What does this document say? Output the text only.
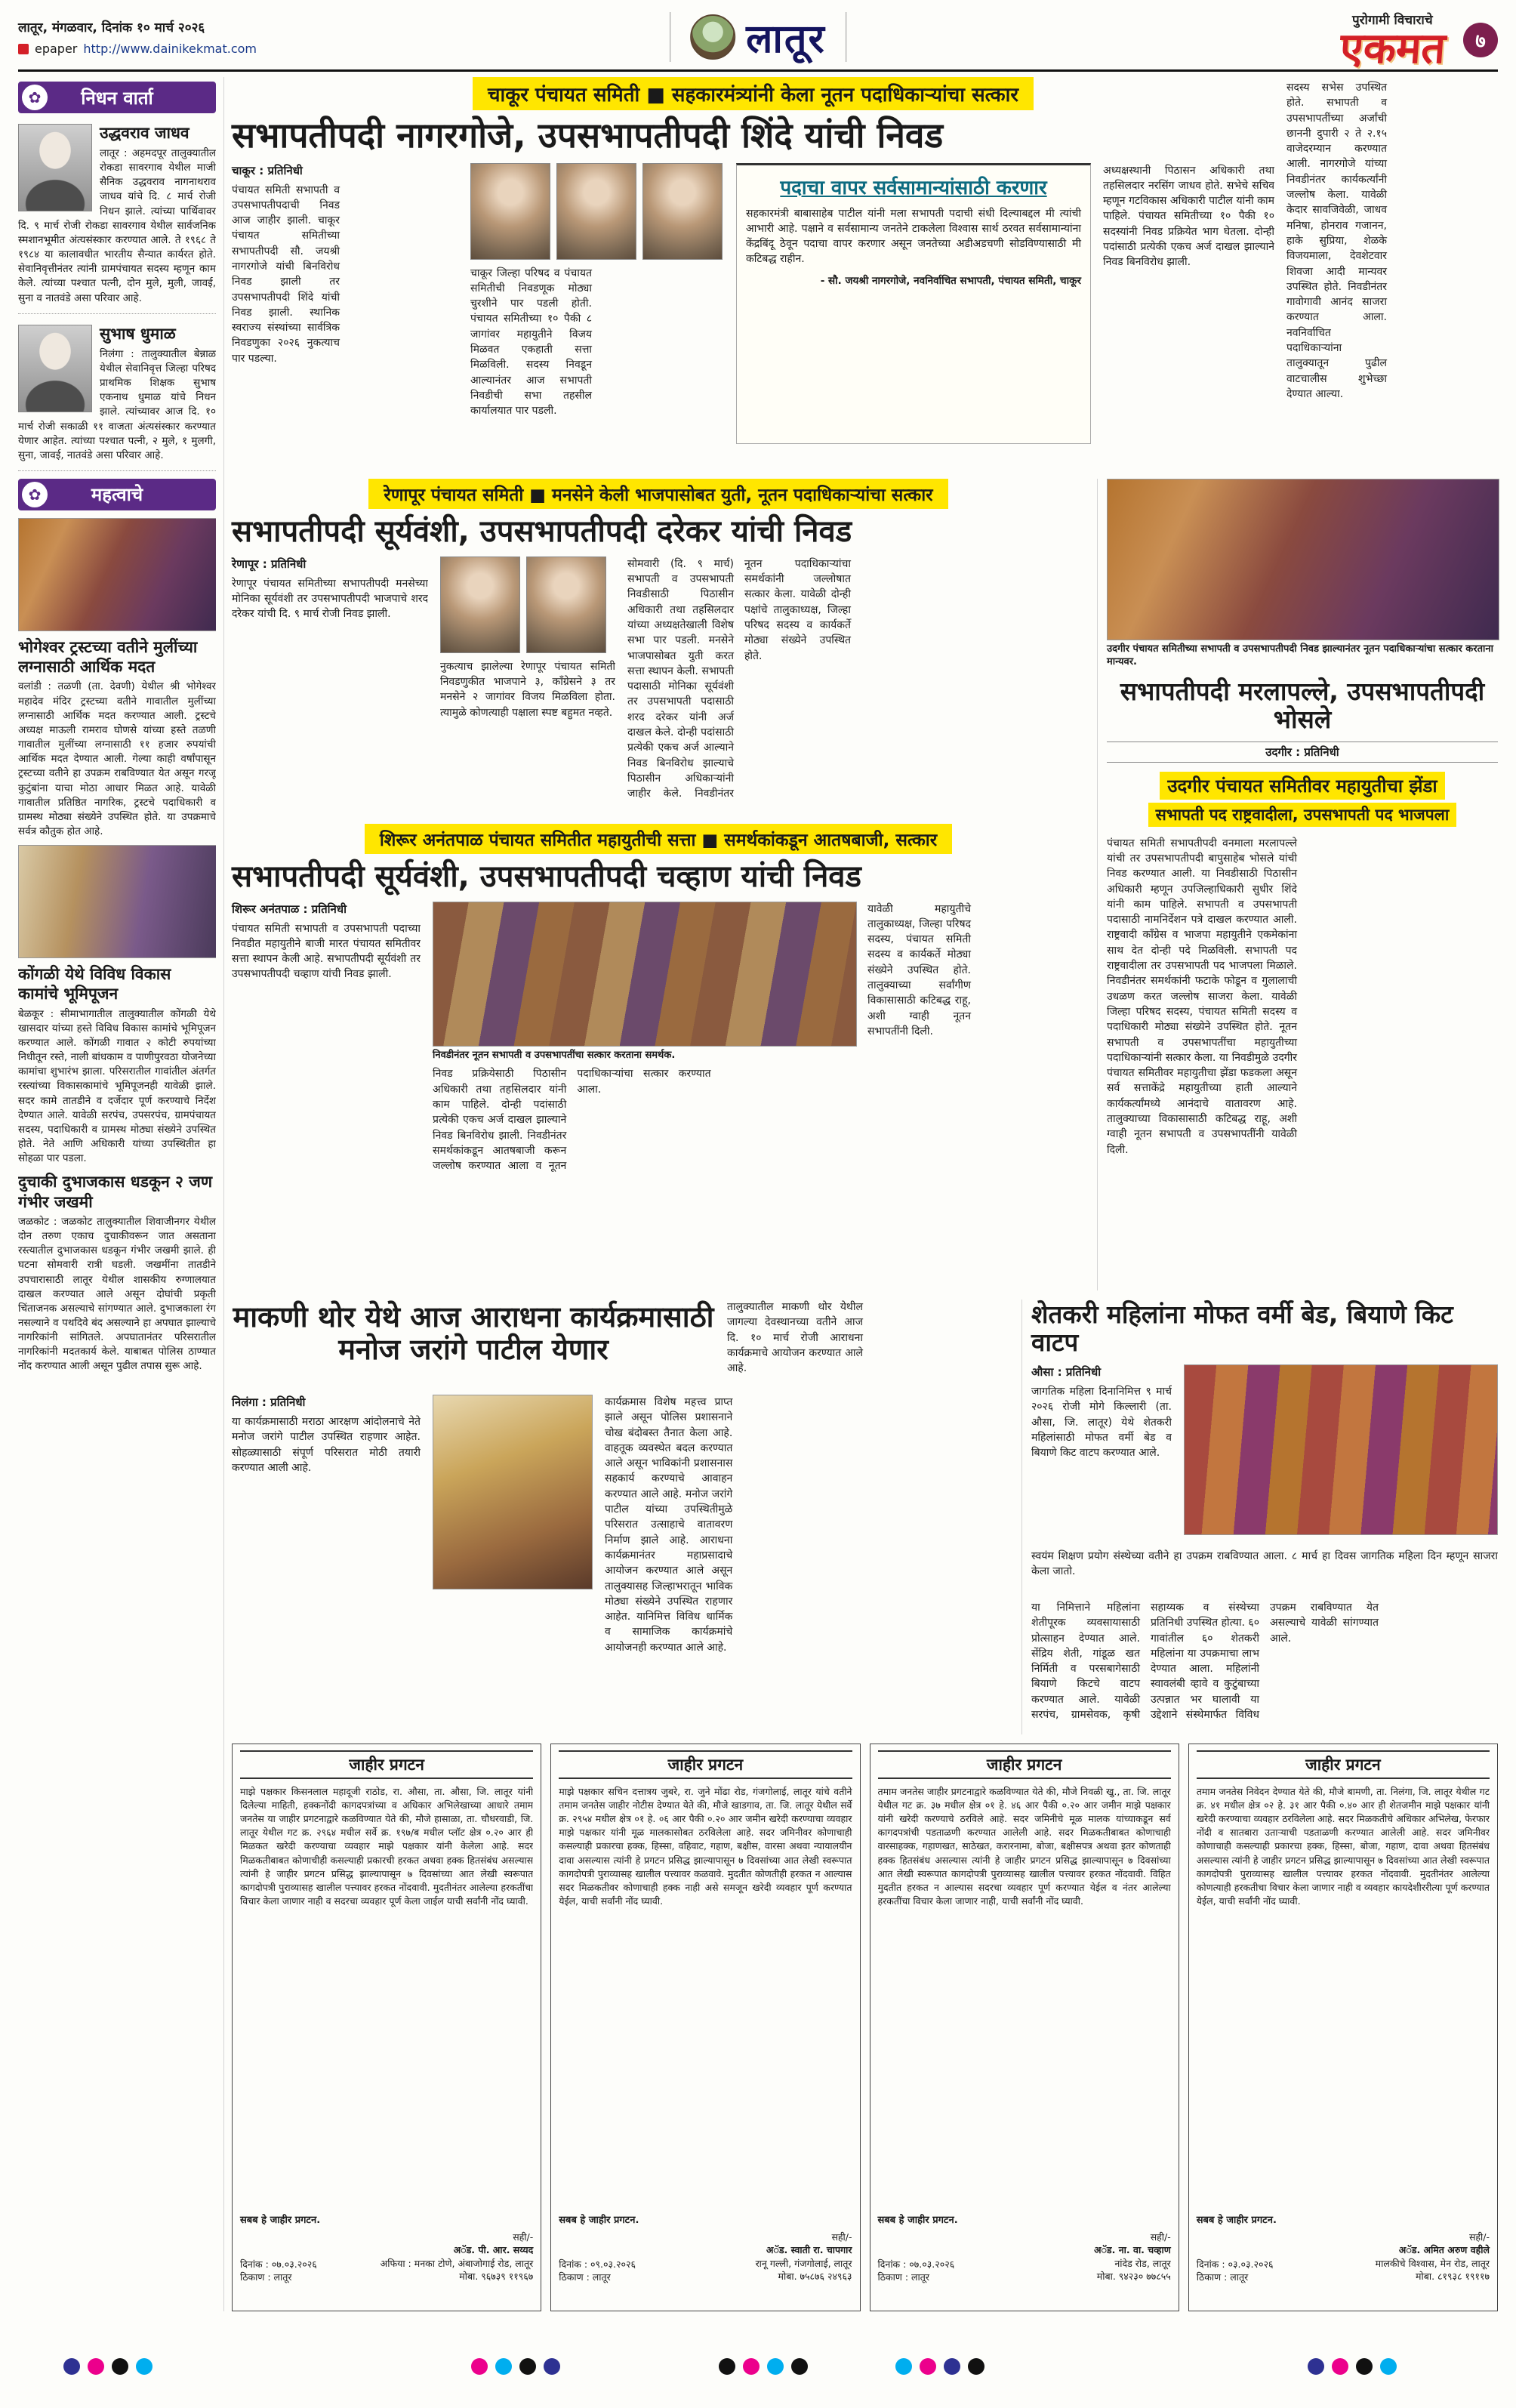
लातूर, मंगळवार, दिनांक १० मार्च २०२६
epaper http://www.dainikekmat.com	लातूर	पुरोगामी विचाराचे
एकमत	७
✿	निधन वार्ता
उद्धवराव जाधव
लातूर : अहमदपूर तालुक्यातील रोकडा सावरगाव येथील माजी सैनिक उद्धवराव नागनाथराव जाधव यांचे दि. ८ मार्च रोजी निधन झाले. त्यांच्या पार्थिवावर दि. ९ मार्च रोजी रोकडा सावरगाव येथील सार्वजनिक स्मशानभूमीत अंत्यसंस्कार करण्यात आले. ते १९६८ ते १९८४ या कालावधीत भारतीय सैन्यात कार्यरत होते. सेवानिवृत्तीनंतर त्यांनी ग्रामपंचायत सदस्य म्हणून काम केले. त्यांच्या पश्चात पत्नी, दोन मुले, मुली, जावई, सुना व नातवंडे असा परिवार आहे.
सुभाष धुमाळ
निलंगा : तालुक्यातील बेन्नाळ येथील सेवानिवृत्त जिल्हा परिषद प्राथमिक शिक्षक सुभाष एकनाथ धुमाळ यांचे निधन झाले. त्यांच्यावर आज दि. १० मार्च रोजी सकाळी ११ वाजता अंत्यसंस्कार करण्यात येणार आहेत. त्यांच्या पश्चात पत्नी, २ मुले, १ मुलगी, सुना, जावई, नातवंडे असा परिवार आहे.
✿	महत्वाचे
भोगेश्वर ट्रस्टच्या वतीने मुलींच्या लग्नासाठी आर्थिक मदत
वलांडी : तळणी (ता. देवणी) येथील श्री भोगेश्वर महादेव मंदिर ट्रस्टच्या वतीने गावातील मुलींच्या लग्नासाठी आर्थिक मदत करण्यात आली. ट्रस्टचे अध्यक्ष माऊली रामराव घोणसे यांच्या हस्ते तळणी गावातील मुलींच्या लग्नासाठी ११ हजार रुपयांची आर्थिक मदत देण्यात आली. गेल्या काही वर्षांपासून ट्रस्टच्या वतीने हा उपक्रम राबविण्यात येत असून गरजू कुटुंबांना याचा मोठा आधार मिळत आहे. यावेळी गावातील प्रतिष्ठित नागरिक, ट्रस्टचे पदाधिकारी व ग्रामस्थ मोठ्या संख्येने उपस्थित होते. या उपक्रमाचे सर्वत्र कौतुक होत आहे.
कोंगळी येथे विविध विकास कामांचे भूमिपूजन
बेळकूर : सीमाभागातील तालुक्यातील कोंगळी येथे खासदार यांच्या हस्ते विविध विकास कामांचे भूमिपूजन करण्यात आले. कोंगळी गावात २ कोटी रुपयांच्या निधीतून रस्ते, नाली बांधकाम व पाणीपुरवठा योजनेच्या कामांचा शुभारंभ झाला. परिसरातील गावांतील अंतर्गत रस्त्यांच्या विकासकामांचे भूमिपूजनही यावेळी झाले. सदर कामे तातडीने व दर्जेदार पूर्ण करण्याचे निर्देश देण्यात आले. यावेळी सरपंच, उपसरपंच, ग्रामपंचायत सदस्य, पदाधिकारी व ग्रामस्थ मोठ्या संख्येने उपस्थित होते. नेते आणि अधिकारी यांच्या उपस्थितीत हा सोहळा पार पडला.
दुचाकी दुभाजकास धडकून २ जण गंभीर जखमी
जळकोट : जळकोट तालुक्यातील शिवाजीनगर येथील दोन तरुण एकाच दुचाकीवरून जात असताना रस्त्यातील दुभाजकास धडकून गंभीर जखमी झाले. ही घटना सोमवारी रात्री घडली. जखमींना तातडीने उपचारासाठी लातूर येथील शासकीय रुग्णालयात दाखल करण्यात आले असून दोघांची प्रकृती चिंताजनक असल्याचे सांगण्यात आले. दुभाजकाला रंग नसल्याने व पथदिवे बंद असल्याने हा अपघात झाल्याचे नागरिकांनी सांगितले. अपघातानंतर परिसरातील नागरिकांनी मदतकार्य केले. याबाबत पोलिस ठाण्यात नोंद करण्यात आली असून पुढील तपास सुरू आहे.
सदस्य सभेस उपस्थित होते. सभापती व उपसभापतींच्या अर्जांची छाननी दुपारी २ ते २.१५ वाजेदरम्यान करण्यात आली. नागरगोजे यांच्या निवडीनंतर कार्यकर्त्यांनी जल्लोष केला. यावेळी केदार सावजिवेळी, जाधव मनिषा, होनराव गजानन, हाके सुप्रिया, शेळके विजयमाला, देवशेटवार शिवजा आदी मान्यवर उपस्थित होते. निवडीनंतर गावोगावी आनंद साजरा करण्यात आला. नवनिर्वाचित पदाधिकाऱ्यांना तालुक्यातून पुढील वाटचालीस शुभेच्छा देण्यात आल्या.
चाकूर पंचायत समिती ■ सहकारमंत्र्यांनी केला नूतन पदाधिकाऱ्यांचा सत्कार
सभापतीपदी नागरगोजे, उपसभापतीपदी शिंदे यांची निवड
चाकूर : प्रतिनिधी
पंचायत समिती सभापती व उपसभापतीपदाची निवड आज जाहीर झाली. चाकूर पंचायत समितीच्या सभापतीपदी सौ. जयश्री नागरगोजे यांची बिनविरोध निवड झाली तर उपसभापतीपदी शिंदे यांची निवड झाली. स्थानिक स्वराज्य संस्थांच्या सार्वत्रिक निवडणुका २०२६ नुकत्याच पार पडल्या.
चाकूर जिल्हा परिषद व पंचायत समितीची निवडणूक मोठ्या चुरशीने पार पडली होती. पंचायत समितीच्या १० पैकी ८ जागांवर महायुतीने विजय मिळवत एकहाती सत्ता मिळविली. सदस्य निवडून आल्यानंतर आज सभापती निवडीची सभा तहसील कार्यालयात पार पडली.
पदाचा वापर सर्वसामान्यांसाठी करणार
सहकारमंत्री बाबासाहेब पाटील यांनी मला सभापती पदाची संधी दिल्याबद्दल मी त्यांची आभारी आहे. पक्षाने व सर्वसामान्य जनतेने टाकलेला विश्वास सार्थ ठरवत सर्वसामान्यांना केंद्रबिंदू ठेवून पदाचा वापर करणार असून जनतेच्या अडीअडचणी सोडविण्यासाठी मी कटिबद्ध राहीन.
- सौ. जयश्री नागरगोजे, नवनिर्वाचित सभापती, पंचायत समिती, चाकूर
अध्यक्षस्थानी पिठासन अधिकारी तथा तहसिलदार नरसिंग जाधव होते. सभेचे सचिव म्हणून गटविकास अधिकारी पाटील यांनी काम पाहिले. पंचायत समितीच्या १० पैकी १० सदस्यांनी निवड प्रक्रियेत भाग घेतला. दोन्ही पदांसाठी प्रत्येकी एकच अर्ज दाखल झाल्याने निवड बिनविरोध झाली.
रेणापूर पंचायत समिती ■ मनसेने केली भाजपासोबत युती, नूतन पदाधिकाऱ्यांचा सत्कार
सभापतीपदी सूर्यवंशी, उपसभापतीपदी दरेकर यांची निवड
रेणापूर : प्रतिनिधी
रेणापूर पंचायत समितीच्या सभापतीपदी मनसेच्या मोनिका सूर्यवंशी तर उपसभापतीपदी भाजपाचे शरद दरेकर यांची दि. ९ मार्च रोजी निवड झाली.
नुकत्याच झालेल्या रेणापूर पंचायत समिती निवडणुकीत भाजपाने ३, काँग्रेसने ३ तर मनसेने २ जागांवर विजय मिळविला होता. त्यामुळे कोणत्याही पक्षाला स्पष्ट बहुमत नव्हते.
सोमवारी (दि. ९ मार्च) सभापती व उपसभापती निवडीसाठी पिठासीन अधिकारी तथा तहसिलदार यांच्या अध्यक्षतेखाली विशेष सभा पार पडली. मनसेने भाजपासोबत युती करत सत्ता स्थापन केली. सभापती पदासाठी मोनिका सूर्यवंशी तर उपसभापती पदासाठी शरद दरेकर यांनी अर्ज दाखल केले. दोन्ही पदांसाठी प्रत्येकी एकच अर्ज आल्याने निवड बिनविरोध झाल्याचे पिठासीन अधिकाऱ्यांनी जाहीर केले. निवडीनंतर नूतन पदाधिकाऱ्यांचा समर्थकांनी जल्लोषात सत्कार केला. यावेळी दोन्ही पक्षांचे तालुकाध्यक्ष, जिल्हा परिषद सदस्य व कार्यकर्ते मोठ्या संख्येने उपस्थित होते.
शिरूर अनंतपाळ पंचायत समितीत महायुतीची सत्ता ■ समर्थकांकडून आतषबाजी, सत्कार
सभापतीपदी सूर्यवंशी, उपसभापतीपदी चव्हाण यांची निवड
शिरूर अनंतपाळ : प्रतिनिधी
पंचायत समिती सभापती व उपसभापती पदाच्या निवडीत महायुतीने बाजी मारत पंचायत समितीवर सत्ता स्थापन केली आहे. सभापतीपदी सूर्यवंशी तर उपसभापतीपदी चव्हाण यांची निवड झाली.
निवडीनंतर नूतन सभापती व उपसभापतींचा सत्कार करताना समर्थक.
निवड प्रक्रियेसाठी पिठासीन अधिकारी तथा तहसिलदार यांनी काम पाहिले. दोन्ही पदांसाठी प्रत्येकी एकच अर्ज दाखल झाल्याने निवड बिनविरोध झाली. निवडीनंतर समर्थकांकडून आतषबाजी करून जल्लोष करण्यात आला व नूतन पदाधिकाऱ्यांचा सत्कार करण्यात आला.
यावेळी महायुतीचे तालुकाध्यक्ष, जिल्हा परिषद सदस्य, पंचायत समिती सदस्य व कार्यकर्ते मोठ्या संख्येने उपस्थित होते. तालुक्याच्या सर्वांगीण विकासासाठी कटिबद्ध राहू, अशी ग्वाही नूतन सभापतींनी दिली.
उदगीर पंचायत समितीच्या सभापती व उपसभापतीपदी निवड झाल्यानंतर नूतन पदाधिकाऱ्यांचा सत्कार करताना मान्यवर.
सभापतीपदी मरलापल्ले, उपसभापतीपदी भोसले
उदगीर : प्रतिनिधी
उदगीर पंचायत समितीवर महायुतीचा झेंडा
सभापती पद राष्ट्रवादीला, उपसभापती पद भाजपला
पंचायत समिती सभापतीपदी वनमाला मरलापल्ले यांची तर उपसभापतीपदी बापुसाहेब भोसले यांची निवड करण्यात आली. या निवडीसाठी पिठासीन अधिकारी म्हणून उपजिल्हाधिकारी सुधीर शिंदे यांनी काम पाहिले. सभापती व उपसभापती पदासाठी नामनिर्देशन पत्रे दाखल करण्यात आली. राष्ट्रवादी काँग्रेस व भाजपा महायुतीने एकमेकांना साथ देत दोन्ही पदे मिळविली. सभापती पद राष्ट्रवादीला तर उपसभापती पद भाजपला मिळाले. निवडीनंतर समर्थकांनी फटाके फोडून व गुलालाची उधळण करत जल्लोष साजरा केला. यावेळी जिल्हा परिषद सदस्य, पंचायत समिती सदस्य व पदाधिकारी मोठ्या संख्येने उपस्थित होते. नूतन सभापती व उपसभापतींचा महायुतीच्या पदाधिकाऱ्यांनी सत्कार केला. या निवडीमुळे उदगीर पंचायत समितीवर महायुतीचा झेंडा फडकला असून सर्व सत्ताकेंद्रे महायुतीच्या हाती आल्याने कार्यकर्त्यांमध्ये आनंदाचे वातावरण आहे. तालुक्याच्या विकासासाठी कटिबद्ध राहू, अशी ग्वाही नूतन सभापती व उपसभापतींनी यावेळी दिली.
माकणी थोर येथे आज आराधना कार्यक्रमासाठी मनोज जरांगे पाटील येणार
तालुक्यातील माकणी थोर येथील जागल्या देवस्थानच्या वतीने आज दि. १० मार्च रोजी आराधना कार्यक्रमाचे आयोजन करण्यात आले आहे.
निलंगा : प्रतिनिधी
या कार्यक्रमासाठी मराठा आरक्षण आंदोलनाचे नेते मनोज जरांगे पाटील उपस्थित राहणार आहेत. सोहळ्यासाठी संपूर्ण परिसरात मोठी तयारी करण्यात आली आहे.
कार्यक्रमास विशेष महत्त्व प्राप्त झाले असून पोलिस प्रशासनाने चोख बंदोबस्त तैनात केला आहे. वाहतूक व्यवस्थेत बदल करण्यात आले असून भाविकांनी प्रशासनास सहकार्य करण्याचे आवाहन करण्यात आले आहे. मनोज जरांगे पाटील यांच्या उपस्थितीमुळे परिसरात उत्साहाचे वातावरण निर्माण झाले आहे. आराधना कार्यक्रमानंतर महाप्रसादाचे आयोजन करण्यात आले असून तालुक्यासह जिल्हाभरातून भाविक मोठ्या संख्येने उपस्थित राहणार आहेत. यानिमित्त विविध धार्मिक व सामाजिक कार्यक्रमांचे आयोजनही करण्यात आले आहे.
शेतकरी महिलांना मोफत वर्मी बेड, बियाणे किट वाटप
औसा : प्रतिनिधी
जागतिक महिला दिनानिमित्त ९ मार्च २०२६ रोजी मोगे किल्लारी (ता. औसा, जि. लातूर) येथे शेतकरी महिलांसाठी मोफत वर्मी बेड व बियाणे किट वाटप करण्यात आले.
स्वयंम शिक्षण प्रयोग संस्थेच्या वतीने हा उपक्रम राबविण्यात आला. ८ मार्च हा दिवस जागतिक महिला दिन म्हणून साजरा केला जातो.
या निमित्ताने महिलांना शेतीपूरक व्यवसायासाठी प्रोत्साहन देण्यात आले. सेंद्रिय शेती, गांडूळ खत निर्मिती व परसबागेसाठी बियाणे किटचे वाटप करण्यात आले. यावेळी सरपंच, ग्रामसेवक, कृषी सहाय्यक व संस्थेच्या प्रतिनिधी उपस्थित होत्या. ६० गावांतील ६० शेतकरी महिलांना या उपक्रमाचा लाभ देण्यात आला. महिलांनी स्वावलंबी व्हावे व कुटुंबाच्या उत्पन्नात भर घालावी या उद्देशाने संस्थेमार्फत विविध उपक्रम राबविण्यात येत असल्याचे यावेळी सांगण्यात आले.
जाहीर प्रगटन
माझे पक्षकार किसनलाल महादूजी राठोड, रा. औसा, ता. औसा, जि. लातूर यांनी दिलेल्या माहिती, हक्कनोंदी कागदपत्रांच्या व अधिकार अभिलेखाच्या आधारे तमाम जनतेस या जाहीर प्रगटनाद्वारे कळविण्यात येते की, मौजे हासाळा, ता. चौधरवाडी, जि. लातूर येथील गट क्र. २९६४ मधील सर्वे क्र. १९७/ब मधील प्लॉट क्षेत्र ०.२० आर ही मिळकत खरेदी करण्याचा व्यवहार माझे पक्षकार यांनी केलेला आहे. सदर मिळकतीबाबत कोणाचीही कसल्याही प्रकारची हरकत अथवा हक्क हितसंबंध असल्यास त्यांनी हे जाहीर प्रगटन प्रसिद्ध झाल्यापासून ७ दिवसांच्या आत लेखी स्वरूपात कागदोपत्री पुराव्यासह खालील पत्त्यावर हरकत नोंदवावी. मुदतीनंतर आलेल्या हरकतींचा विचार केला जाणार नाही व सदरचा व्यवहार पूर्ण केला जाईल याची सर्वांनी नोंद घ्यावी.
सबब हे जाहीर प्रगटन.
दिनांक : ०७.०३.२०२६
ठिकाण : लातूर
सही/-
अॅड. पी. आर. सय्यद
अफिया : मनका टोणे, अंबाजोगाई रोड, लातूर
मोबा. ९६७३९ ११९६७
जाहीर प्रगटन
माझे पक्षकार सचिन दत्तात्रय जुबरे, रा. जुने मोंढा रोड, गंजगोलाई, लातूर यांचे वतीने तमाम जनतेस जाहीर नोटीस देण्यात येते की, मौजे खाडगाव, ता. जि. लातूर येथील सर्वे क्र. २९५४ मधील क्षेत्र ०१ हे. ०६ आर पैकी ०.२० आर जमीन खरेदी करण्याचा व्यवहार माझे पक्षकार यांनी मूळ मालकासोबत ठरविलेला आहे. सदर जमिनीवर कोणाचाही कसल्याही प्रकारचा हक्क, हिस्सा, वहिवाट, गहाण, बक्षीस, वारसा अथवा न्यायालयीन दावा असल्यास त्यांनी हे प्रगटन प्रसिद्ध झाल्यापासून ७ दिवसांच्या आत लेखी स्वरूपात कागदोपत्री पुराव्यासह खालील पत्त्यावर कळवावे. मुदतीत कोणतीही हरकत न आल्यास सदर मिळकतीवर कोणाचाही हक्क नाही असे समजून खरेदी व्यवहार पूर्ण करण्यात येईल, याची सर्वांनी नोंद घ्यावी.
सबब हे जाहीर प्रगटन.
दिनांक : ०९.०३.२०२६
ठिकाण : लातूर
सही/-
अॅड. स्वाती रा. चापगार
रानू गल्ली, गंजगोलाई, लातूर
मोबा. ७५८७६ २४९६३
जाहीर प्रगटन
तमाम जनतेस जाहीर प्रगटनाद्वारे कळविण्यात येते की, मौजे निवळी खु., ता. जि. लातूर येथील गट क्र. ३७ मधील क्षेत्र ०१ हे. ४६ आर पैकी ०.२० आर जमीन माझे पक्षकार यांनी खरेदी करण्याचे ठरविले आहे. सदर जमिनीचे मूळ मालक यांच्याकडून सर्व कागदपत्रांची पडताळणी करण्यात आलेली आहे. सदर मिळकतीबाबत कोणाचाही वारसाहक्क, गहाणखत, साठेखत, करारनामा, बोजा, बक्षीसपत्र अथवा इतर कोणताही हक्क हितसंबंध असल्यास त्यांनी हे जाहीर प्रगटन प्रसिद्ध झाल्यापासून ७ दिवसांच्या आत लेखी स्वरूपात कागदोपत्री पुराव्यासह खालील पत्त्यावर हरकत नोंदवावी. विहित मुदतीत हरकत न आल्यास सदरचा व्यवहार पूर्ण करण्यात येईल व नंतर आलेल्या हरकतींचा विचार केला जाणार नाही, याची सर्वांनी नोंद घ्यावी.
सबब हे जाहीर प्रगटन.
दिनांक : ०७.०३.२०२६
ठिकाण : लातूर
सही/-
अॅड. ना. वा. चव्हाण
नांदेड रोड, लातूर
मोबा. ९४२३० ७७८५५
जाहीर प्रगटन
तमाम जनतेस निवेदन देण्यात येते की, मौजे बामणी, ता. निलंगा, जि. लातूर येथील गट क्र. ४१ मधील क्षेत्र ०२ हे. ३१ आर पैकी ०.४० आर ही शेतजमीन माझे पक्षकार यांनी खरेदी करण्याचा व्यवहार ठरविलेला आहे. सदर मिळकतीचे अधिकार अभिलेख, फेरफार नोंदी व सातबारा उताऱ्याची पडताळणी करण्यात आलेली आहे. सदर जमिनीवर कोणाचाही कसल्याही प्रकारचा हक्क, हिस्सा, बोजा, गहाण, दावा अथवा हितसंबंध असल्यास त्यांनी हे जाहीर प्रगटन प्रसिद्ध झाल्यापासून ७ दिवसांच्या आत लेखी स्वरूपात कागदोपत्री पुराव्यासह खालील पत्त्यावर हरकत नोंदवावी. मुदतीनंतर आलेल्या कोणत्याही हरकतीचा विचार केला जाणार नाही व व्यवहार कायदेशीररीत्या पूर्ण करण्यात येईल, याची सर्वांनी नोंद घ्यावी.
सबब हे जाहीर प्रगटन.
दिनांक : ०३.०३.२०२६
ठिकाण : लातूर
सही/-
अॅड. अमित अरुण वहीले
मालकीचे विश्वास, मेन रोड, लातूर
मोबा. ८१९३८ १९११७
